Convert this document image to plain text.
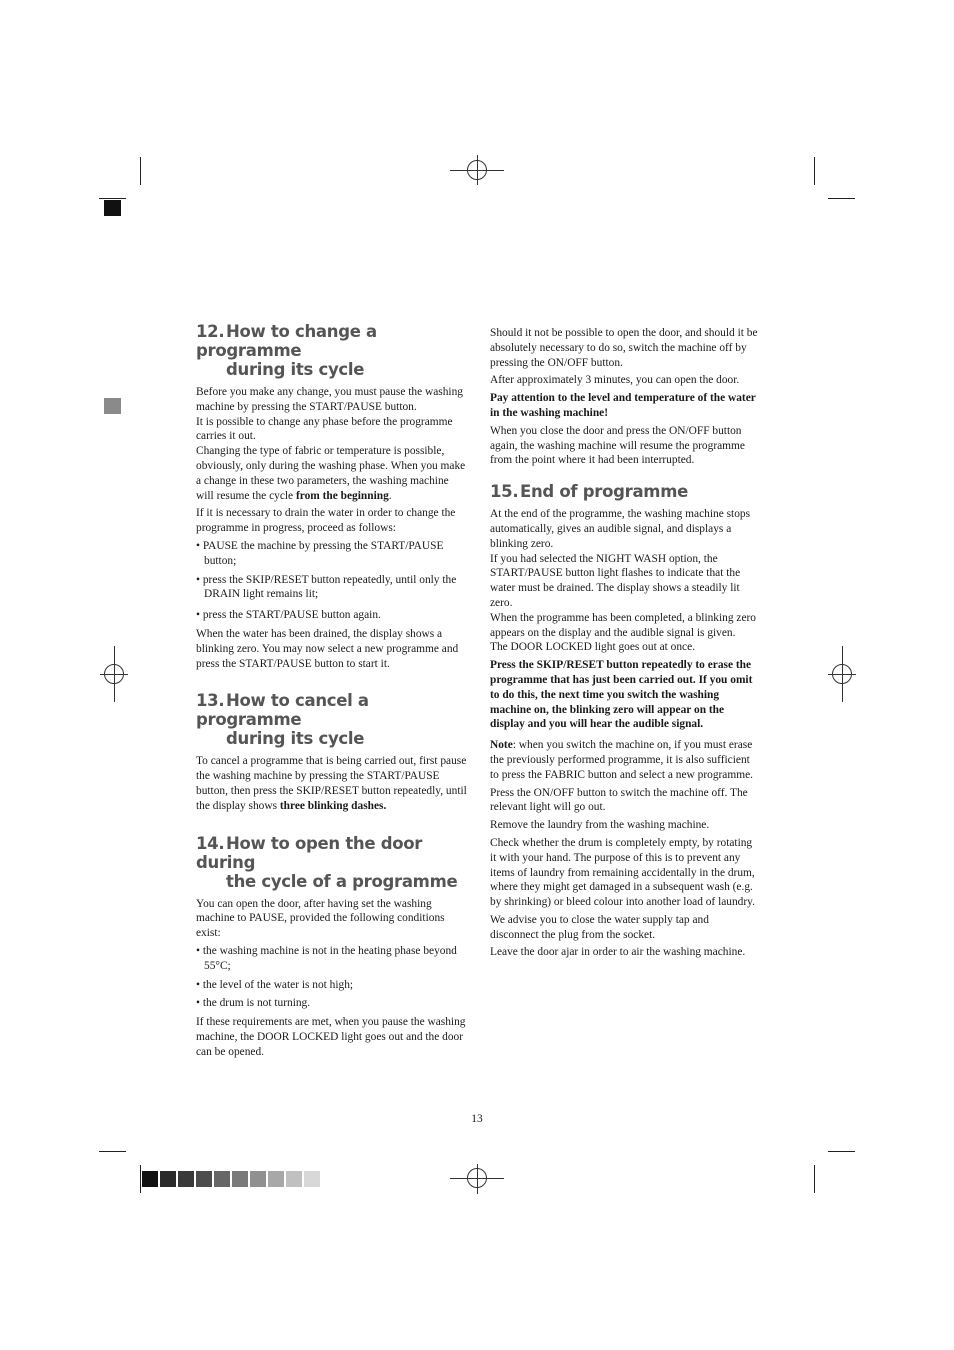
12. How to change a programme
during its cycle

Before you make any change, you must pause the washing machine by pressing the START/PAUSE button.

It is possible to change any phase before the programme carries it out.

Changing the type of fabric or temperature is possible, obviously, only during the washing phase. When you make a change in these two parameters, the washing machine will resume the cycle from the beginning.

If it is necessary to drain the water in order to change the programme in progress, proceed as follows:

• PAUSE the machine by pressing the START/PAUSE button;
• press the SKIP/RESET button repeatedly, until only the DRAIN light remains lit;
• press the START/PAUSE button again.

When the water has been drained, the display shows a blinking zero. You may now select a new programme and press the START/PAUSE button to start it.

13. How to cancel a programme
during its cycle

To cancel a programme that is being carried out, first pause the washing machine by pressing the START/PAUSE button, then press the SKIP/RESET button repeatedly, until the display shows three blinking dashes.

14. How to open the door during
the cycle of a programme

You can open the door, after having set the washing machine to PAUSE, provided the following conditions exist:

• the washing machine is not in the heating phase beyond 55°C;
• the level of the water is not high;
• the drum is not turning.

If these requirements are met, when you pause the washing machine, the DOOR LOCKED light goes out and the door can be opened.

Should it not be possible to open the door, and should it be absolutely necessary to do so, switch the machine off by pressing the ON/OFF button.

After approximately 3 minutes, you can open the door.

Pay attention to the level and temperature of the water in the washing machine!

When you close the door and press the ON/OFF button again, the washing machine will resume the programme from the point where it had been interrupted.

15. End of programme

At the end of the programme, the washing machine stops automatically, gives an audible signal, and displays a blinking zero.

If you had selected the NIGHT WASH option, the START/PAUSE button light flashes to indicate that the water must be drained. The display shows a steadily lit zero.

When the programme has been completed, a blinking zero appears on the display and the audible signal is given.

The DOOR LOCKED light goes out at once.

Press the SKIP/RESET button repeatedly to erase the programme that has just been carried out. If you omit to do this, the next time you switch the washing machine on, the blinking zero will appear on the display and you will hear the audible signal.

Note: when you switch the machine on, if you must erase the previously performed programme, it is also sufficient to press the FABRIC button and select a new programme.

Press the ON/OFF button to switch the machine off. The relevant light will go out.

Remove the laundry from the washing machine.

Check whether the drum is completely empty, by rotating it with your hand. The purpose of this is to prevent any items of laundry from remaining accidentally in the drum, where they might get damaged in a subsequent wash (e.g. by shrinking) or bleed colour into another load of laundry.

We advise you to close the water supply tap and disconnect the plug from the socket.

Leave the door ajar in order to air the washing machine.

13
